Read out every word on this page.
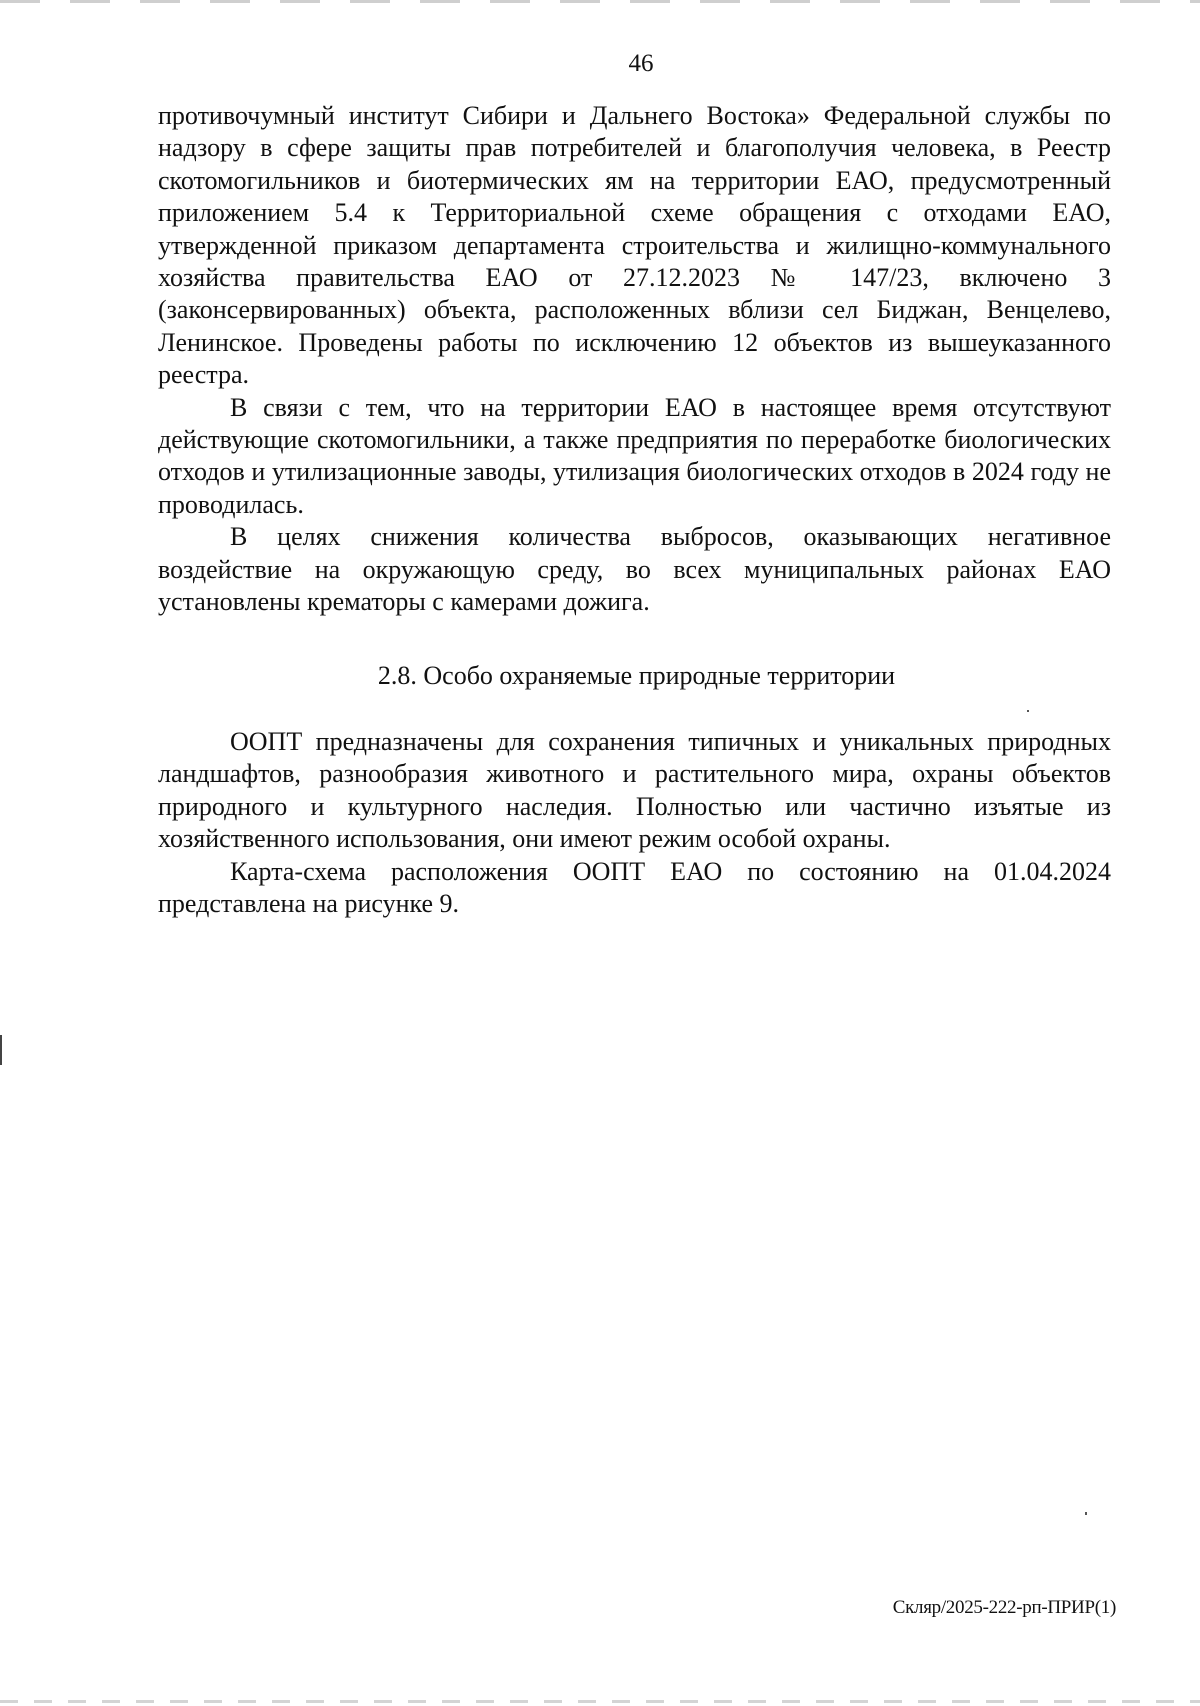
46

противочумный институт Сибири и Дальнего Востока» Федеральной службы по надзору в сфере защиты прав потребителей и благополучия человека, в Реестр скотомогильников и биотермических ям на территории ЕАО, предусмотренный приложением 5.4 к Территориальной схеме обращения с отходами ЕАО, утвержденной приказом департамента строительства и жилищно-коммунального хозяйства правительства ЕАО от 27.12.2023 № 147/23, включено 3 (законсервированных) объекта, расположенных вблизи сел Биджан, Венцелево, Ленинское. Проведены работы по исключению 12 объектов из вышеуказанного реестра.

В связи с тем, что на территории ЕАО в настоящее время отсутствуют действующие скотомогильники, а также предприятия по переработке биологических отходов и утилизационные заводы, утилизация биологических отходов в 2024 году не проводилась.

В целях снижения количества выбросов, оказывающих негативное воздействие на окружающую среду, во всех муниципальных районах ЕАО установлены крематоры с камерами дожига.

2.8. Особо охраняемые природные территории

ООПТ предназначены для сохранения типичных и уникальных природных ландшафтов, разнообразия животного и растительного мира, охраны объектов природного и культурного наследия. Полностью или частично изъятые из хозяйственного использования, они имеют режим особой охраны.

Карта-схема расположения ООПТ ЕАО по состоянию на 01.04.2024 представлена на рисунке 9.

Скляр/2025-222-рп-ПРИР(1)
